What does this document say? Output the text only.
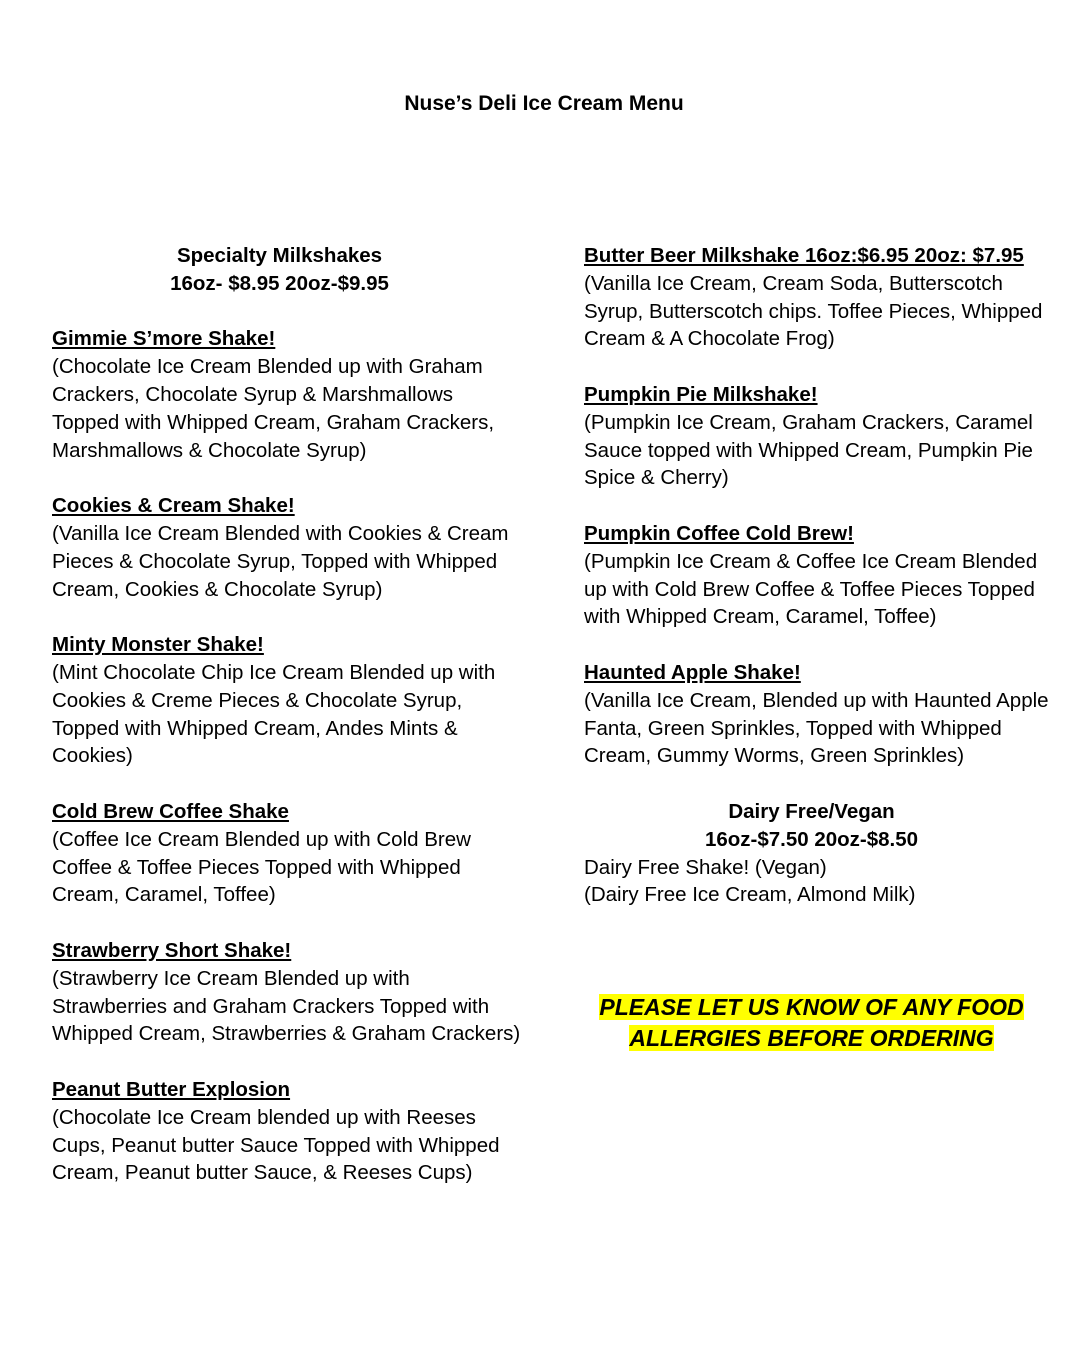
Nuse’s Deli Ice Cream Menu
Specialty Milkshakes
16oz- $8.95 20oz-$9.95
Gimmie S’more Shake!
(Chocolate Ice Cream Blended up with Graham Crackers, Chocolate Syrup & Marshmallows Topped with Whipped Cream, Graham Crackers, Marshmallows & Chocolate Syrup)
Cookies & Cream Shake!
(Vanilla Ice Cream Blended with Cookies & Cream Pieces & Chocolate Syrup, Topped with Whipped Cream, Cookies & Chocolate Syrup)
Minty Monster Shake!
(Mint Chocolate Chip Ice Cream Blended up with Cookies & Creme Pieces & Chocolate Syrup, Topped with Whipped Cream, Andes Mints & Cookies)
Cold Brew Coffee Shake
(Coffee Ice Cream Blended up with Cold Brew Coffee & Toffee Pieces Topped with Whipped Cream, Caramel, Toffee)
Strawberry Short Shake!
(Strawberry Ice Cream Blended up with Strawberries and Graham Crackers Topped with Whipped Cream, Strawberries & Graham Crackers)
Peanut Butter Explosion
(Chocolate Ice Cream blended up with Reeses Cups, Peanut butter Sauce Topped with Whipped Cream, Peanut butter Sauce, & Reeses Cups)
Butter Beer Milkshake 16oz:$6.95 20oz: $7.95
(Vanilla Ice Cream, Cream Soda, Butterscotch Syrup, Butterscotch chips. Toffee Pieces, Whipped Cream & A Chocolate Frog)
Pumpkin Pie Milkshake!
(Pumpkin Ice Cream, Graham Crackers, Caramel Sauce topped with Whipped Cream, Pumpkin Pie Spice & Cherry)
Pumpkin Coffee Cold Brew!
(Pumpkin Ice Cream & Coffee Ice Cream Blended up with Cold Brew Coffee & Toffee Pieces Topped with Whipped Cream, Caramel, Toffee)
Haunted Apple Shake!
(Vanilla Ice Cream, Blended up with Haunted Apple Fanta, Green Sprinkles, Topped with Whipped Cream, Gummy Worms, Green Sprinkles)
Dairy Free/Vegan
16oz-$7.50 20oz-$8.50
Dairy Free Shake! (Vegan)
(Dairy Free Ice Cream, Almond Milk)
PLEASE LET US KNOW OF ANY FOOD
ALLERGIES BEFORE ORDERING
